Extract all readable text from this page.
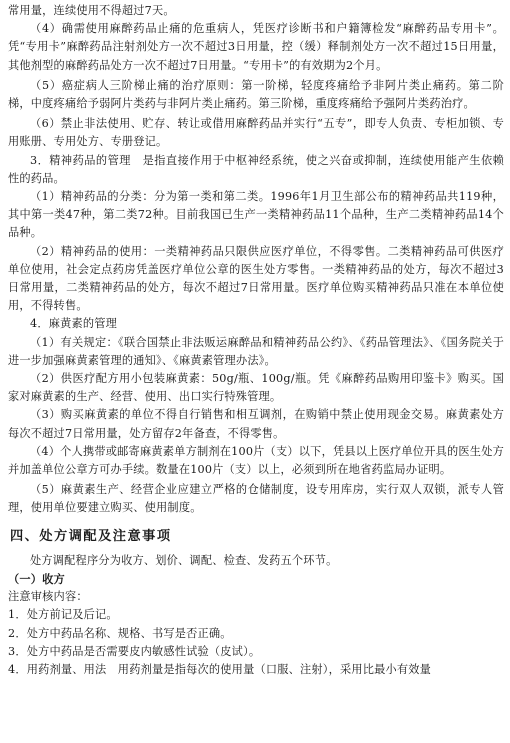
常用量，连续使用不得超过7天。

（4）确需使用麻醉药品止痛的危重病人，凭医疗诊断书和户籍簿检发“麻醉药品专用卡”。凭“专用卡”麻醉药品注射剂处方一次不超过3日用量，控（缓）释制剂处方一次不超过15日用量，其他剂型的麻醉药品处方一次不超过7日用量。“专用卡”的有效期为2个月。

（5）癌症病人三阶梯止痛的治疗原则：第一阶梯，轻度疼痛给予非阿片类止痛药。第二阶梯，中度疼痛给予弱阿片类药与非阿片类止痛药。第三阶梯，重度疼痛给予强阿片类药治疗。

（6）禁止非法使用、贮存、转让或借用麻醉药品并实行“五专”，即专人负责、专柜加锁、专用账册、专用处方、专册登记。

3．精神药品的管理　是指直接作用于中枢神经系统，使之兴奋或抑制，连续使用能产生依赖性的药品。

（1）精神药品的分类：分为第一类和第二类。1996年1月卫生部公布的精神药品共119种，其中第一类47种，第二类72种。目前我国已生产一类精神药品11个品种，生产二类精神药品14个品种。

（2）精神药品的使用：一类精神药品只限供应医疗单位，不得零售。二类精神药品可供医疗单位使用，社会定点药房凭盖医疗单位公章的医生处方零售。一类精神药品的处方，每次不超过3日常用量，二类精神药品的处方，每次不超过7日常用量。医疗单位购买精神药品只准在本单位使用，不得转售。

4．麻黄素的管理

（1）有关规定：《联合国禁止非法贩运麻醉品和精神药品公约》、《药品管理法》、《国务院关于进一步加强麻黄素管理的通知》、《麻黄素管理办法》。

（2）供医疗配方用小包装麻黄素：50g/瓶、100g/瓶。凭《麻醉药品购用印鉴卡》购买。国家对麻黄素的生产、经营、使用、出口实行特殊管理。

（3）购买麻黄素的单位不得自行销售和相互调剂，在购销中禁止使用现金交易。麻黄素处方每次不超过7日常用量，处方留存2年备查，不得零售。

（4）个人携带或邮寄麻黄素单方制剂在100片（支）以下，凭县以上医疗单位开具的医生处方并加盖单位公章方可办手续。数量在100片（支）以上，必须到所在地省药监局办证明。

（5）麻黄素生产、经营企业应建立严格的仓储制度，设专用库房，实行双人双锁，派专人管理，使用单位要建立购买、使用制度。

四、处方调配及注意事项

处方调配程序分为收方、划价、调配、检查、发药五个环节。

（一）收方

注意审核内容：

1．处方前记及后记。

2．处方中药品名称、规格、书写是否正确。

3．处方中药品是否需要皮内敏感性试验（皮试）。

4．用药剂量、用法　用药剂量是指每次的使用量（口服、注射），采用比最小有效量
